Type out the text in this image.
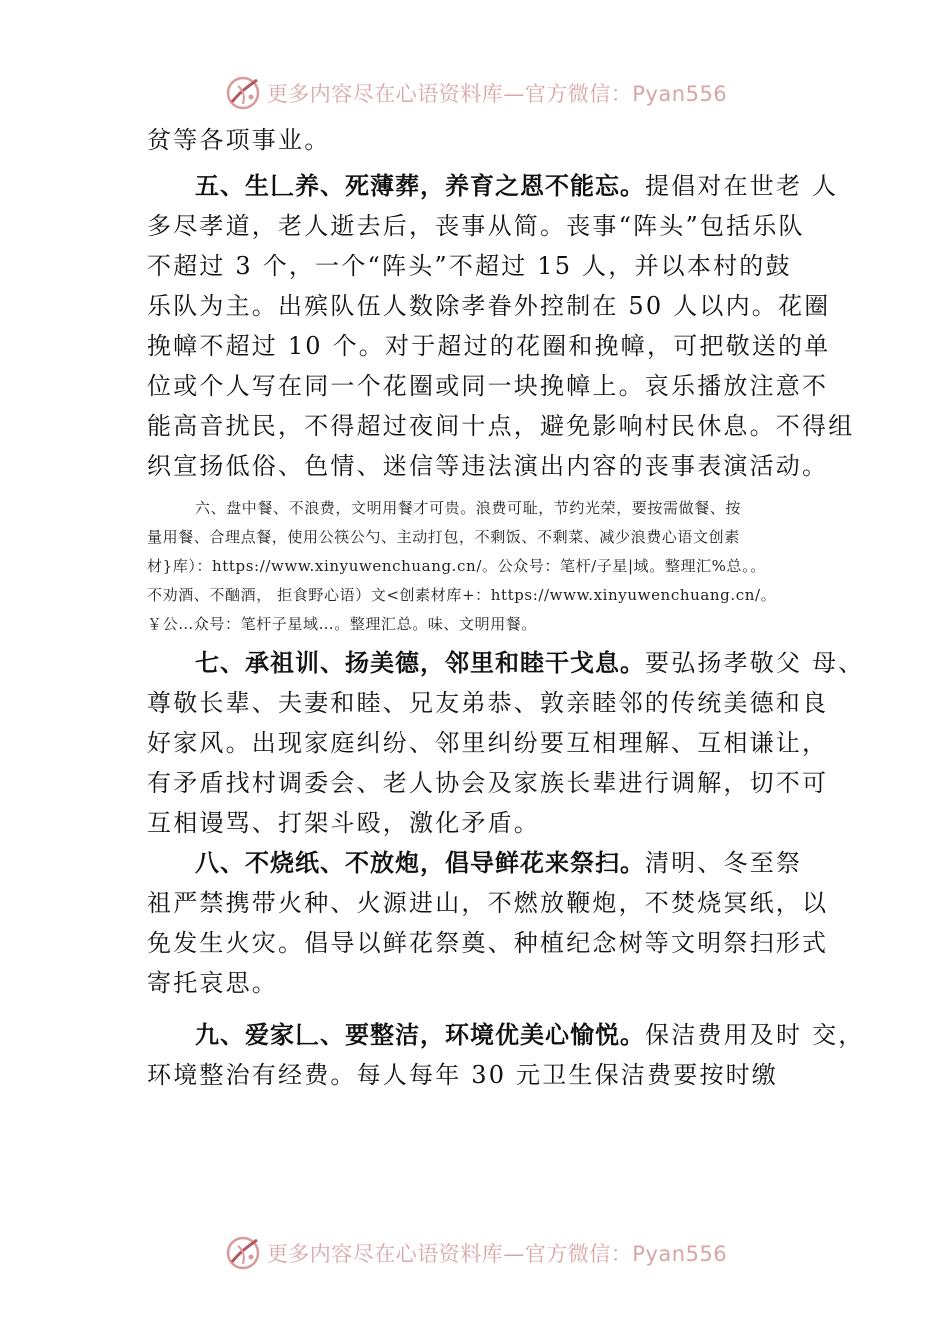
更多内容尽在心语资料库—官方微信：Pyan556
贫等各项事业。
五、生𠃊养、死薄葬，养育之恩不能忘。提倡对在世老 人
多尽孝道，老人逝去后，丧事从简。丧事“阵头”包括乐队
不超过 3 个，一个“阵头”不超过 15 人，并以本村的鼓
乐队为主。出殡队伍人数除孝眷外控制在 50 人以内。花圈
挽幛不超过 10 个。对于超过的花圈和挽幛，可把敬送的单
位或个人写在同一个花圈或同一块挽幛上。哀乐播放注意不
能高音扰民，不得超过夜间十点，避免影响村民休息。不得组
织宣扬低俗、色情、迷信等违法演出内容的丧事表演活动。
六、盘中餐、不浪费，文明用餐才可贵。浪费可耻，节约光荣，要按需做餐、按
量用餐、合理点餐，使用公筷公勺、主动打包，不剩饭、不剩菜、减少浪费心语文创素
材}库）：https://www.xinyuwenchuang.cn/。公众号：笔杆/子星|域。整理汇%总。。
不劝酒、不酗酒， 拒食野心语）文<创素材库+：https://www.xinyuwenchuang.cn/。
￥公…众号：笔杆子星域…。整理汇总。味、文明用餐。
七、承祖训、扬美德，邻里和睦干戈息。要弘扬孝敬父 母、
尊敬长辈、夫妻和睦、兄友弟恭、敦亲睦邻的传统美德和良
好家风。出现家庭纠纷、邻里纠纷要互相理解、互相谦让，
有矛盾找村调委会、老人协会及家族长辈进行调解，切不可
互相谩骂、打架斗殴，激化矛盾。
八、不烧纸、不放炮，倡导鲜花来祭扫。清明、冬至祭
祖严禁携带火种、火源进山，不燃放鞭炮，不焚烧冥纸，以
免发生火灾。倡导以鲜花祭奠、种植纪念树等文明祭扫形式
寄托哀思。
九、爱家𠃊、要整洁，环境优美心愉悦。保洁费用及时 交，
环境整治有经费。每人每年 30 元卫生保洁费要按时缴
更多内容尽在心语资料库—官方微信：Pyan556
